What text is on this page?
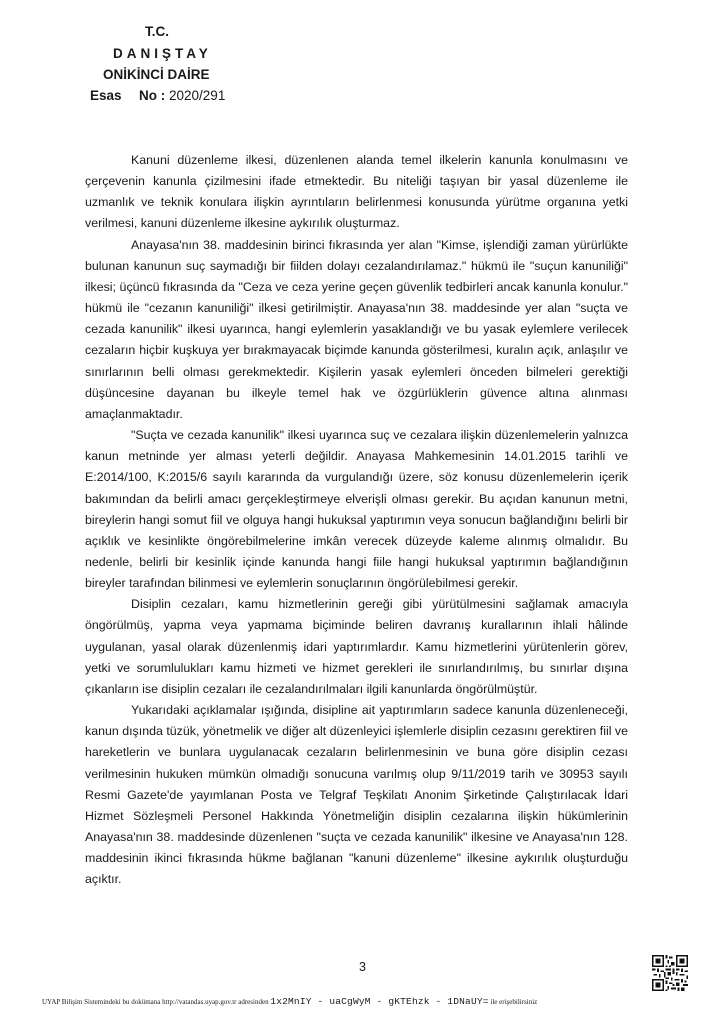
T.C.
DANIŞTAY
ONİKİNCİ DAİRE
Esas No : 2020/291

Kanuni düzenleme ilkesi, düzenlenen alanda temel ilkelerin kanunla konulmasını ve çerçevenin kanunla çizilmesini ifade etmektedir. Bu niteliği taşıyan bir yasal düzenleme ile uzmanlık ve teknik konulara ilişkin ayrıntıların belirlenmesi konusunda yürütme organına yetki verilmesi, kanuni düzenleme ilkesine aykırılık oluşturmaz.

Anayasa'nın 38. maddesinin birinci fıkrasında yer alan "Kimse, işlendiği zaman yürürlükte bulunan kanunun suç saymadığı bir fiilden dolayı cezalandırılamaz." hükmü ile "suçun kanuniliği" ilkesi; üçüncü fıkrasında da "Ceza ve ceza yerine geçen güvenlik tedbirleri ancak kanunla konulur." hükmü ile "cezanın kanuniliği" ilkesi getirilmiştir. Anayasa'nın 38. maddesinde yer alan "suçta ve cezada kanunilik" ilkesi uyarınca, hangi eylemlerin yasaklandığı ve bu yasak eylemlere verilecek cezaların hiçbir kuşkuya yer bırakmayacak biçimde kanunda gösterilmesi, kuralın açık, anlaşılır ve sınırlarının belli olması gerekmektedir. Kişilerin yasak eylemleri önceden bilmeleri gerektiği düşüncesine dayanan bu ilkeyle temel hak ve özgürlüklerin güvence altına alınması amaçlanmaktadır.

"Suçta ve cezada kanunilik" ilkesi uyarınca suç ve cezalara ilişkin düzenlemelerin yalnızca kanun metninde yer alması yeterli değildir. Anayasa Mahkemesinin 14.01.2015 tarihli ve E:2014/100, K:2015/6 sayılı kararında da vurgulandığı üzere, söz konusu düzenlemelerin içerik bakımından da belirli amacı gerçekleştirmeye elverişli olması gerekir. Bu açıdan kanunun metni, bireylerin hangi somut fiil ve olguya hangi hukuksal yaptırımın veya sonucun bağlandığını belirli bir açıklık ve kesinlikte öngörebilmelerine imkân verecek düzeyde kaleme alınmış olmalıdır. Bu nedenle, belirli bir kesinlik içinde kanunda hangi fiile hangi hukuksal yaptırımın bağlandığının bireyler tarafından bilinmesi ve eylemlerin sonuçlarının öngörülebilmesi gerekir.

Disiplin cezaları, kamu hizmetlerinin gereği gibi yürütülmesini sağlamak amacıyla öngörülmüş, yapma veya yapmama biçiminde beliren davranış kurallarının ihlali hâlinde uygulanan, yasal olarak düzenlenmiş idari yaptırımlardır. Kamu hizmetlerini yürütenlerin görev, yetki ve sorumlulukları kamu hizmeti ve hizmet gerekleri ile sınırlandırılmış, bu sınırlar dışına çıkanların ise disiplin cezaları ile cezalandırılmaları ilgili kanunlarda öngörülmüştür.

Yukarıdaki açıklamalar ışığında, disipline ait yaptırımların sadece kanunla düzenleneceği, kanun dışında tüzük, yönetmelik ve diğer alt düzenleyici işlemlerle disiplin cezasını gerektiren fiil ve hareketlerin ve bunlara uygulanacak cezaların belirlenmesinin ve buna göre disiplin cezası verilmesinin hukuken mümkün olmadığı sonucuna varılmış olup 9/11/2019 tarih ve 30953 sayılı Resmi Gazete'de yayımlanan Posta ve Telgraf Teşkilatı Anonim Şirketinde Çalıştırılacak İdari Hizmet Sözleşmeli Personel Hakkında Yönetmeliğin disiplin cezalarına ilişkin hükümlerinin Anayasa'nın 38. maddesinde düzenlenen "suçta ve cezada kanunilik" ilkesine ve Anayasa'nın 128. maddesinin ikinci fıkrasında hükme bağlanan "kanuni düzenleme" ilkesine aykırılık oluşturduğu açıktır.

3
UYAP Bilişim Sistemindeki bu dokümana http://vatandas.uyap.gov.tr adresinden 1x2MnIY - uaCgWyM - gKTEhzk - 1DNaUY= ile erişebilirsiniz
